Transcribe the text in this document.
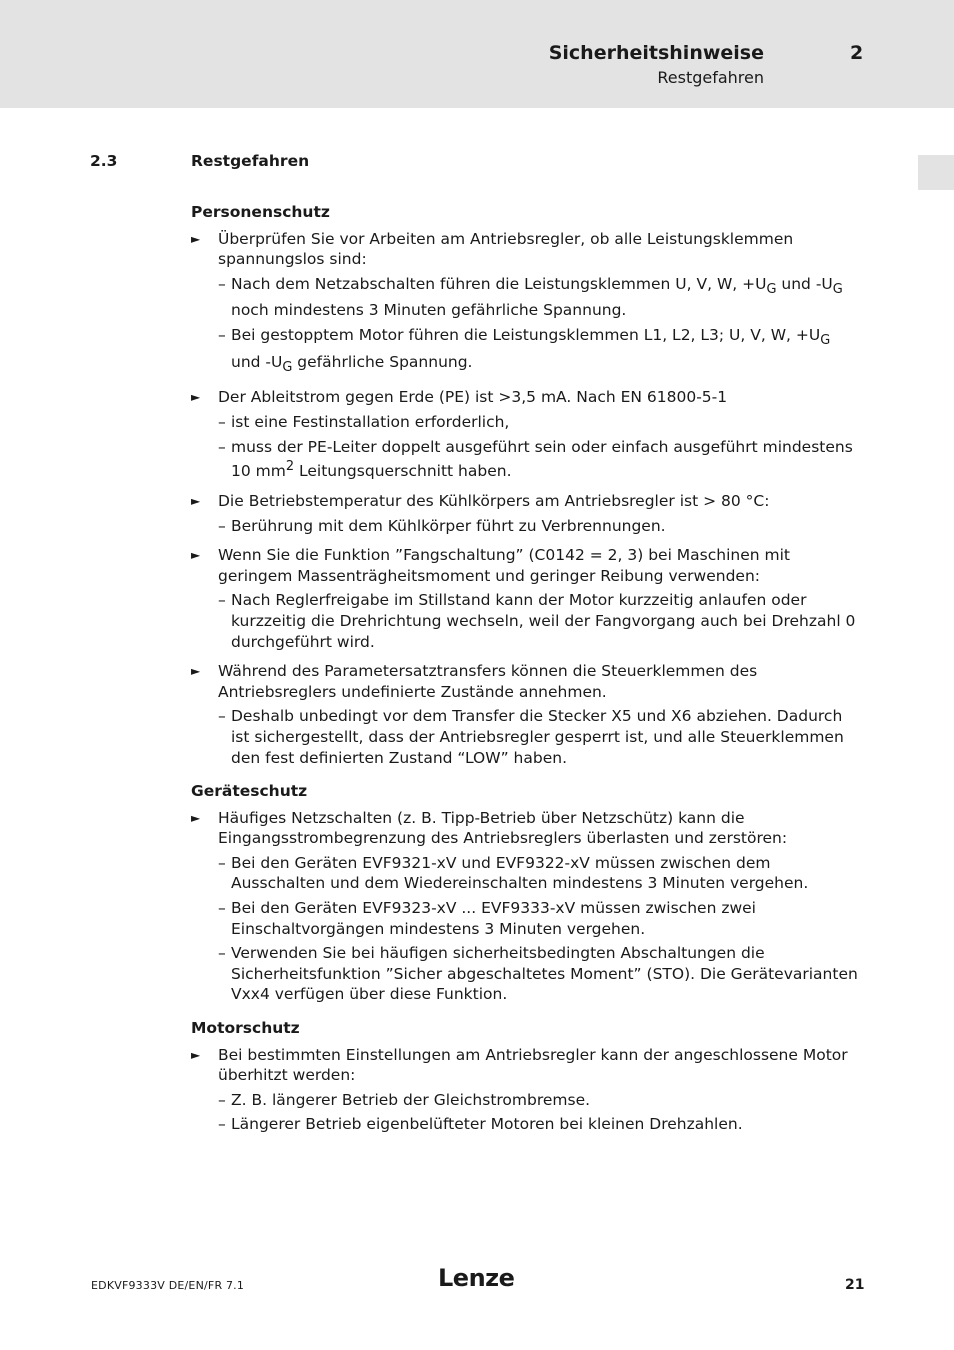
Sicherheitshinweise	2
Restgefahren
2.3	Restgefahren
Personenschutz
►	Überprüfen Sie vor Arbeiten am Antriebsregler, ob alle Leistungsklemmen spannungslos sind:

– Nach dem Netzabschalten führen die Leistungsklemmen U, V, W, $+U_G$ und $-U_G$ noch mindestens 3 Minuten gefährliche Spannung.
– Bei gestopptem Motor führen die Leistungsklemmen L1, L2, L3; U, V, W, $+U_G$ und $-U_G$ gefährliche Spannung.
►	Der Ableitstrom gegen Erde (PE) ist >3,5 mA. Nach EN 61800-5-1

– ist eine Festinstallation erforderlich,
– muss der PE-Leiter doppelt ausgeführt sein oder einfach ausgeführt mindestens 10 $mm^2$ Leitungsquerschnitt haben.
►	Die Betriebstemperatur des Kühlkörpers am Antriebsregler ist > 80 °C:

– Berührung mit dem Kühlkörper führt zu Verbrennungen.
►	Wenn Sie die Funktion ”Fangschaltung” (C0142 = 2, 3) bei Maschinen mit geringem Massenträgheitsmoment und geringer Reibung verwenden:

– Nach Reglerfreigabe im Stillstand kann der Motor kurzzeitig anlaufen oder kurzzeitig die Drehrichtung wechseln, weil der Fangvorgang auch bei Drehzahl 0 durchgeführt wird.
►	Während des Parametersatztransfers können die Steuerklemmen des Antriebsreglers undefinierte Zustände annehmen.

– Deshalb unbedingt vor dem Transfer die Stecker X5 und X6 abziehen. Dadurch ist sichergestellt, dass der Antriebsregler gesperrt ist, und alle Steuerklemmen den fest definierten Zustand “LOW” haben.
Geräteschutz
►	Häufiges Netzschalten (z. B. Tipp-Betrieb über Netzschütz) kann die Eingangsstrombegrenzung des Antriebsreglers überlasten und zerstören:

– Bei den Geräten EVF9321-xV und EVF9322-xV müssen zwischen dem Ausschalten und dem Wiedereinschalten mindestens 3 Minuten vergehen.
– Bei den Geräten EVF9323-xV ... EVF9333-xV müssen zwischen zwei Einschaltvorgängen mindestens 3 Minuten vergehen.
– Verwenden Sie bei häufigen sicherheitsbedingten Abschaltungen die Sicherheitsfunktion ”Sicher abgeschaltetes Moment” (STO). Die Gerätevarianten Vxx4 verfügen über diese Funktion.
Motorschutz
►	Bei bestimmten Einstellungen am Antriebsregler kann der angeschlossene Motor überhitzt werden:

– Z. B. längerer Betrieb der Gleichstrombremse.
– Längerer Betrieb eigenbelüfteter Motoren bei kleinen Drehzahlen.
EDKVF9333V DE/EN/FR 7.1	Lenze	21
